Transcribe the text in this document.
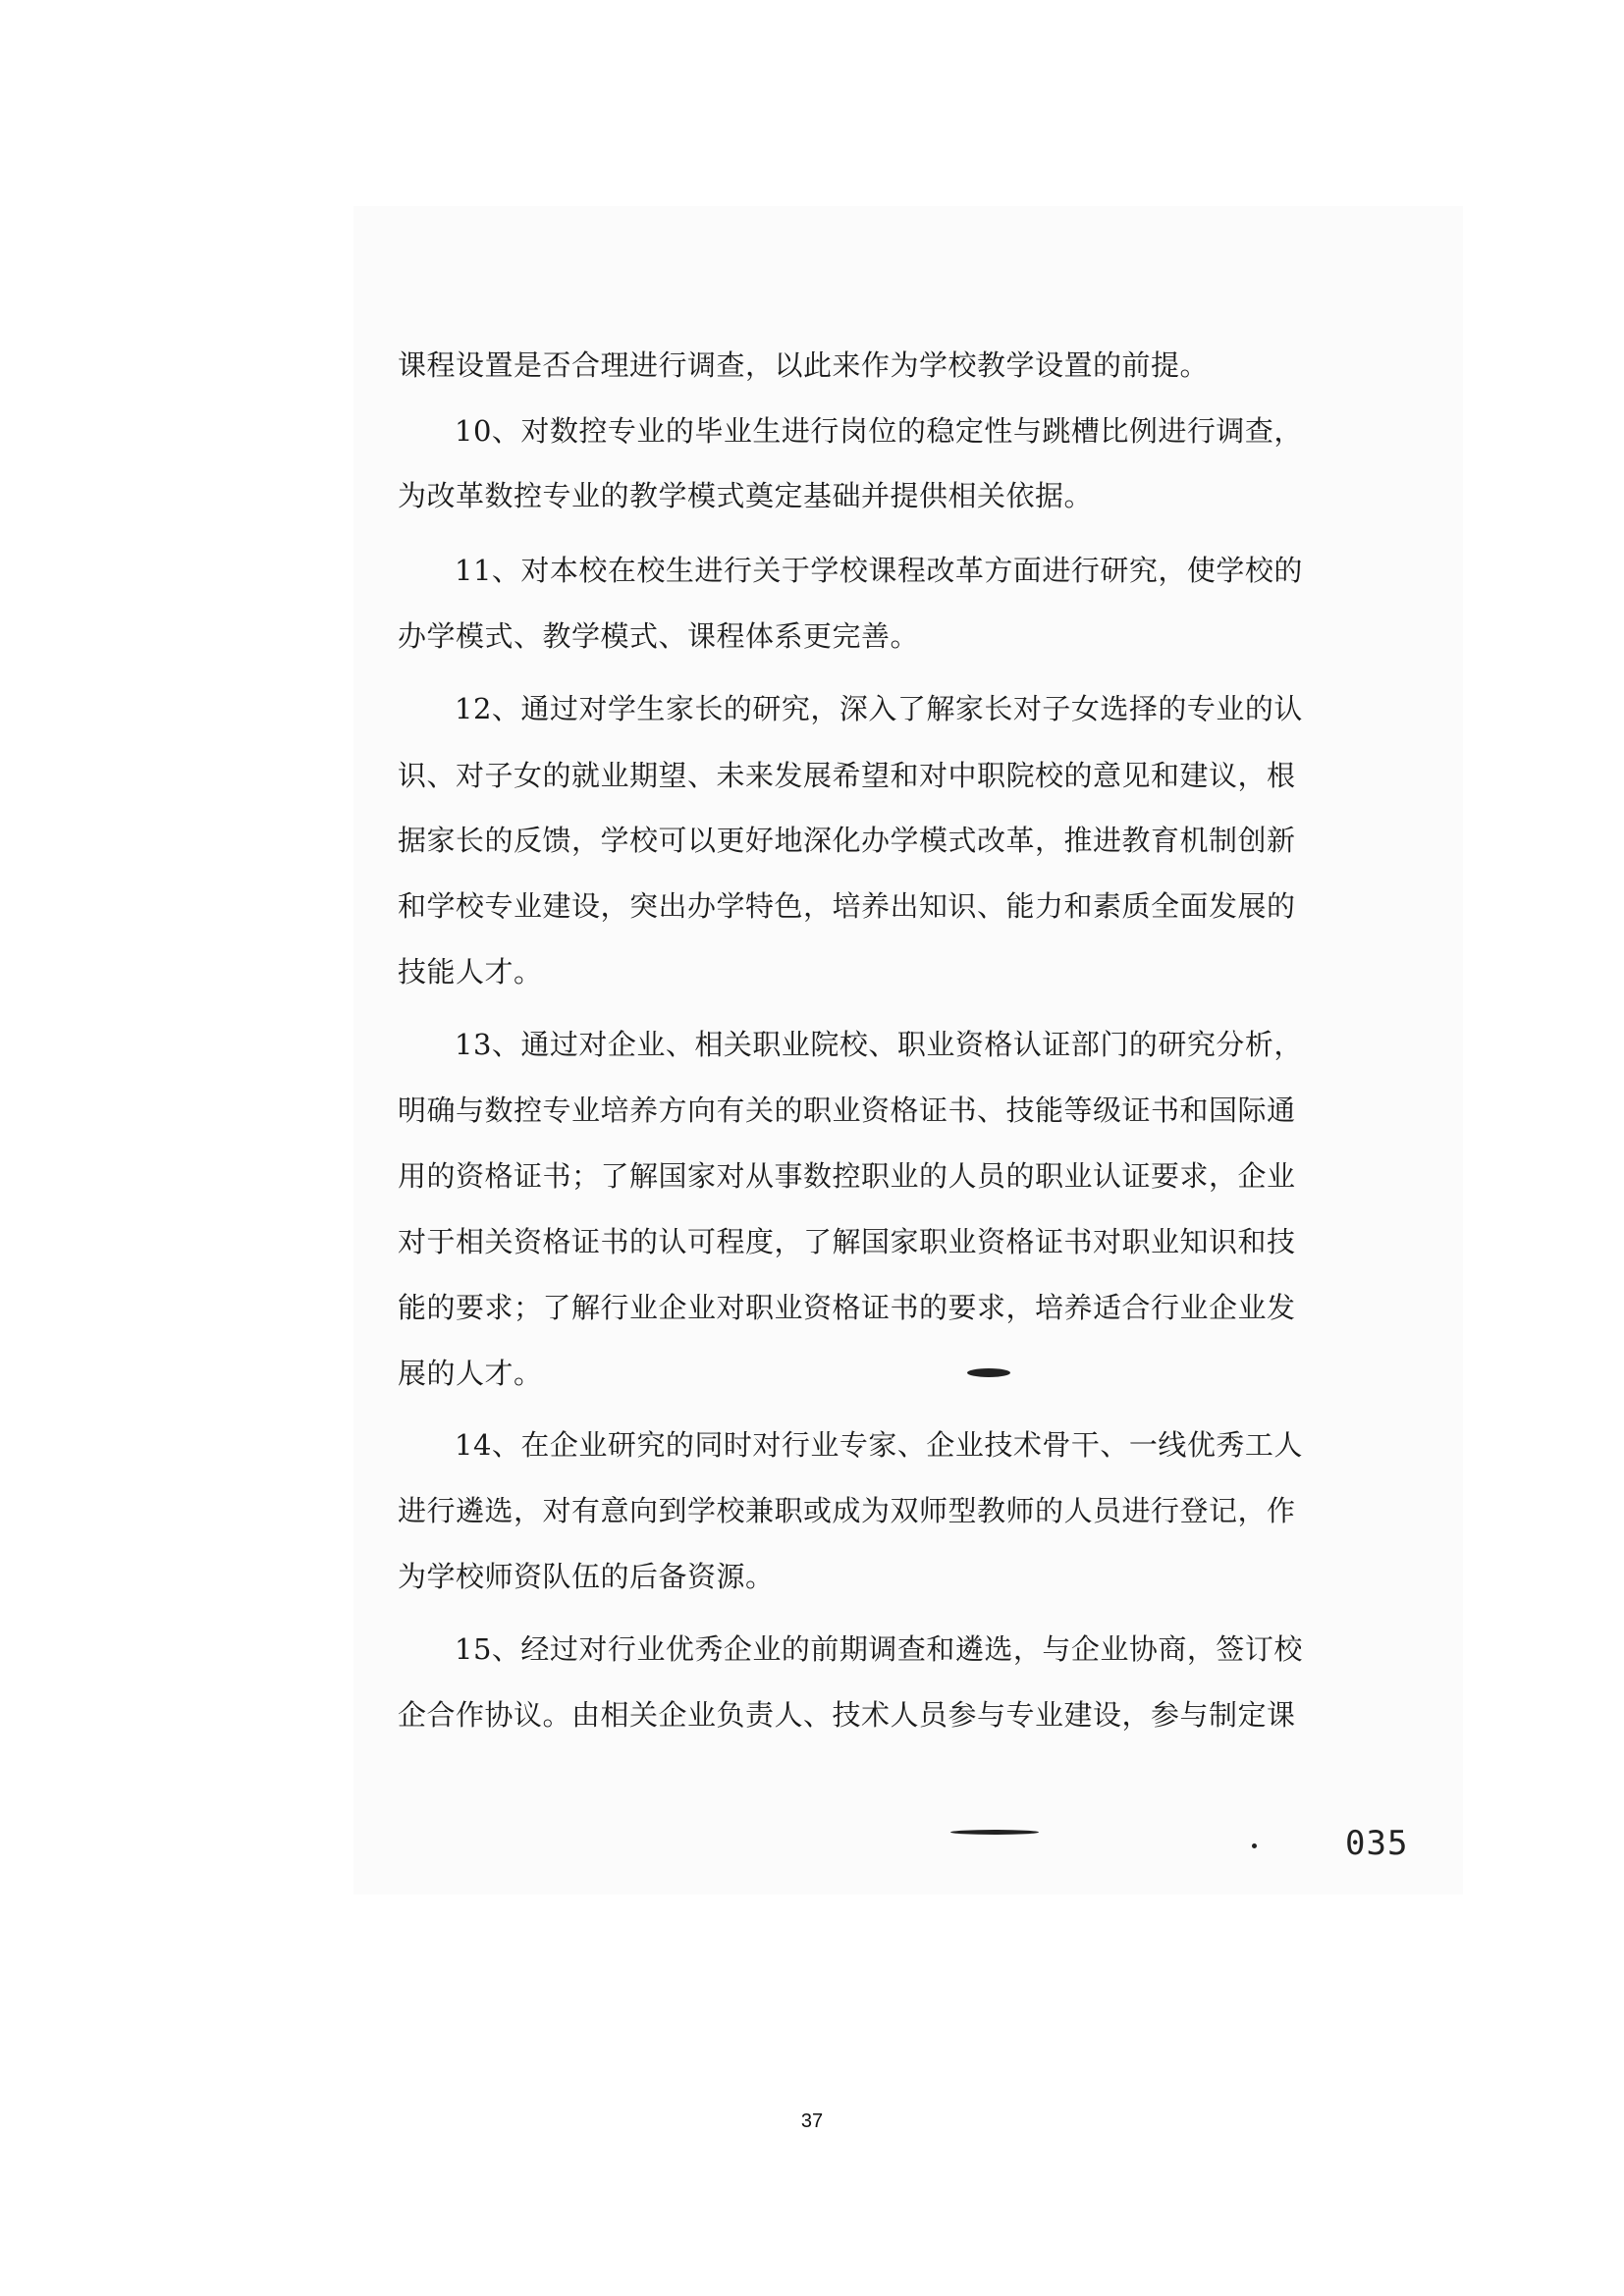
课程设置是否合理进行调查，以此来作为学校教学设置的前提。
10、对数控专业的毕业生进行岗位的稳定性与跳槽比例进行调查，
为改革数控专业的教学模式奠定基础并提供相关依据。
11、对本校在校生进行关于学校课程改革方面进行研究，使学校的
办学模式、教学模式、课程体系更完善。
12、通过对学生家长的研究，深入了解家长对子女选择的专业的认
识、对子女的就业期望、未来发展希望和对中职院校的意见和建议，根
据家长的反馈，学校可以更好地深化办学模式改革，推进教育机制创新
和学校专业建设，突出办学特色，培养出知识、能力和素质全面发展的
技能人才。
13、通过对企业、相关职业院校、职业资格认证部门的研究分析，
明确与数控专业培养方向有关的职业资格证书、技能等级证书和国际通
用的资格证书；了解国家对从事数控职业的人员的职业认证要求，企业
对于相关资格证书的认可程度，了解国家职业资格证书对职业知识和技
能的要求；了解行业企业对职业资格证书的要求，培养适合行业企业发
展的人才。
14、在企业研究的同时对行业专家、企业技术骨干、一线优秀工人
进行遴选，对有意向到学校兼职或成为双师型教师的人员进行登记，作
为学校师资队伍的后备资源。
15、经过对行业优秀企业的前期调查和遴选，与企业协商，签订校
企合作协议。由相关企业负责人、技术人员参与专业建设，参与制定课
035
37
